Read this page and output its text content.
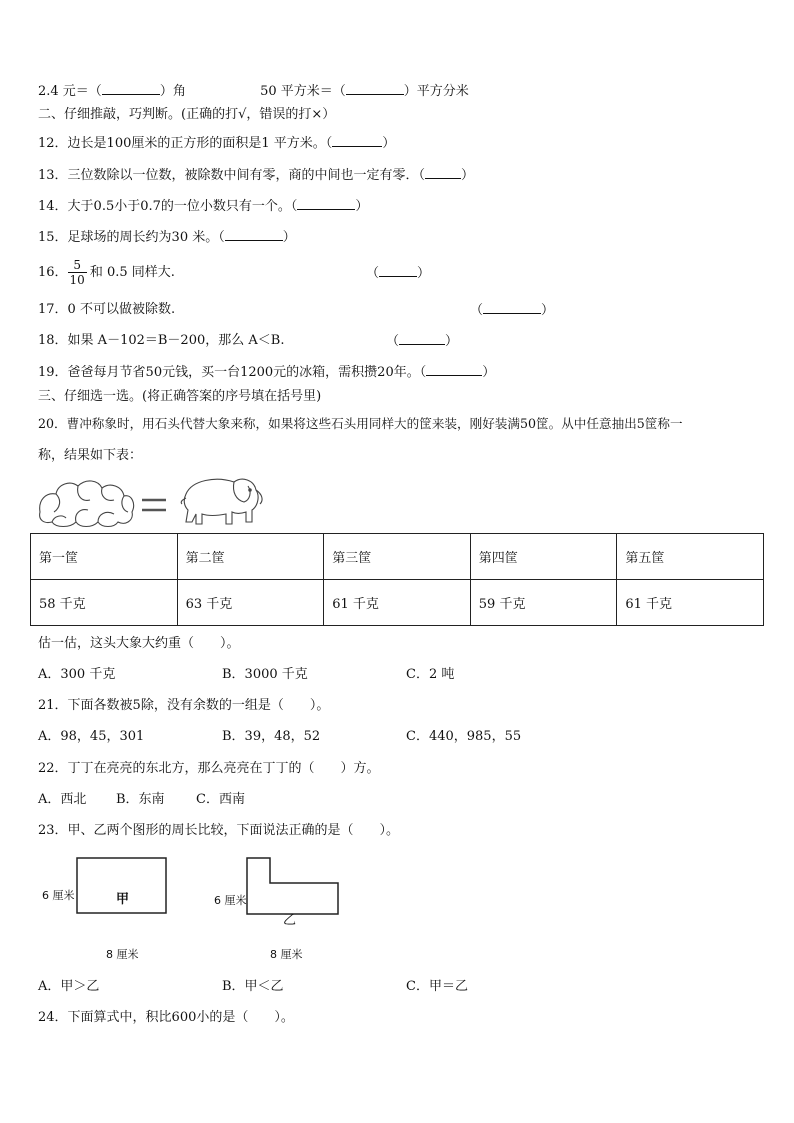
2.4 元＝（	）角	50 平方米＝（	）平方分米
二、仔细推敲，巧判断。(正确的打√，错误的打×）
12．边长是100厘米的正方形的面积是1 平方米。（	）
13．三位数除以一位数，被除数中间有零，商的中间也一定有零．（	）
14．大于0.5小于0.7的一位小数只有一个。（	）
15．足球场的周长约为30 米。（	）
16． $\frac{5}{10}$ 和 0.5 同样大.	（	）
17．0 不可以做被除数.	（	）
18．如果 A－102＝B－200，那么 A＜B.	（	）
19．爸爸每月节省50元钱，买一台1200元的冰箱，需积攒20年。（	）
三、仔细选一选。(将正确答案的序号填在括号里)
20．曹冲称象时，用石头代替大象来称，如果将这些石头用同样大的筐来装，刚好装满50筐。从中任意抽出5筐称一
称，结果如下表：
第一筐	第二筐	第三筐	第四筐	第五筐
58 千克	63 千克	61 千克	59 千克	61 千克
估一估，这头大象大约重（　　）。
A．300 千克	B．3000 千克	C．2 吨
21．下面各数被5除，没有余数的一组是（　　）。
A．98，45，301	B．39，48，52	C．440，985，55
22．丁丁在亮亮的东北方，那么亮亮在丁丁的（　　）方。
A．西北 B．东南 C．西南
23．甲、乙两个图形的周长比较，下面说法正确的是（　　）。
6 厘米	甲
8 厘米
6 厘米
乙
8 厘米
A．甲＞乙	B．甲＜乙	C．甲＝乙
24．下面算式中，积比600小的是（　　）。
